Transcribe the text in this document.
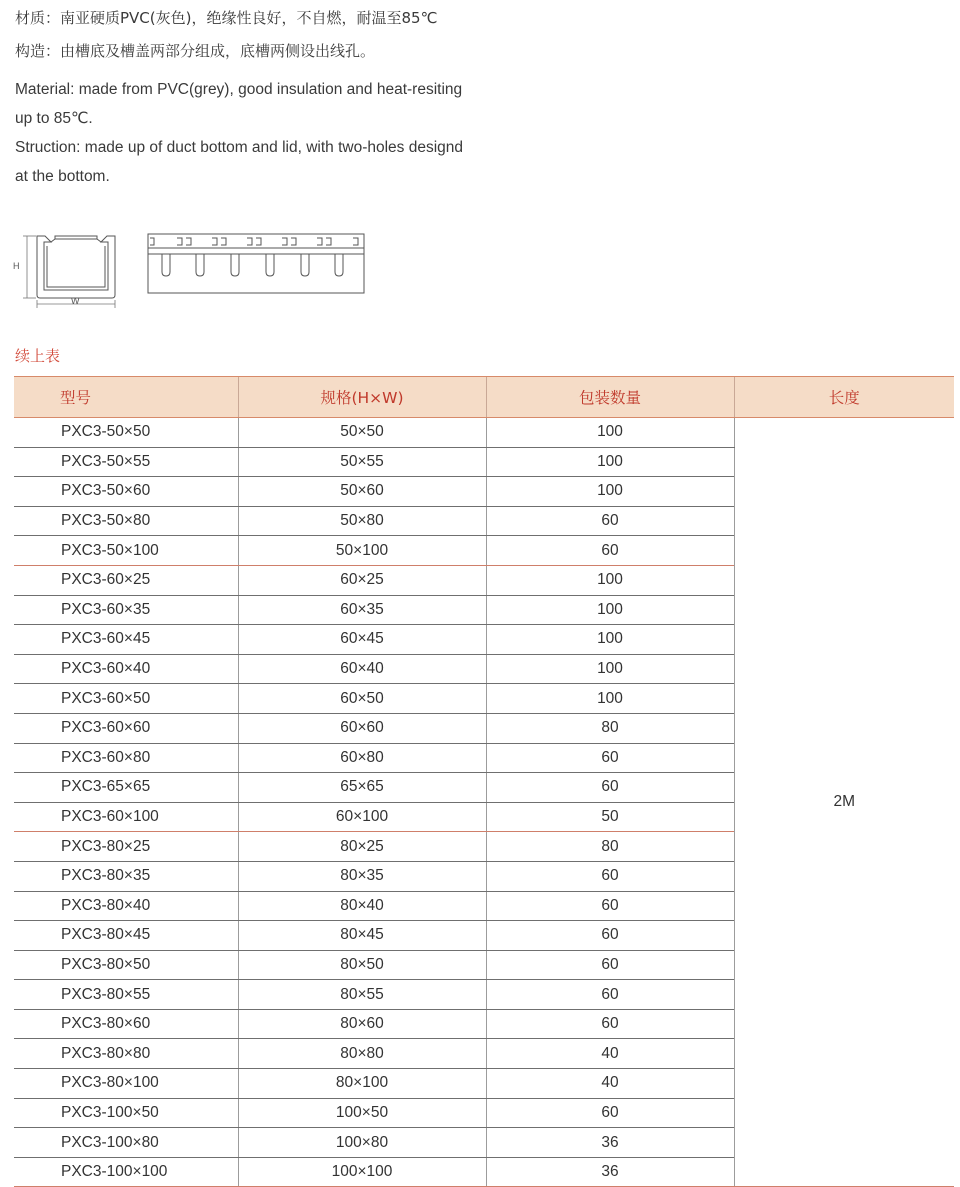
材质：南亚硬质PVC(灰色)，绝缘性良好，不自燃，耐温至85℃
构造：由槽底及槽盖两部分组成，底槽两侧设出线孔。
Material: made from PVC(grey), good insulation and heat-resiting
up to 85℃.
Struction: made up of duct bottom and lid, with two-holes designd
at the bottom.
H
W
续上表
型号	规格(H×W)	包装数量	长度
PXC3-50×50	50×50	100	2M
PXC3-50×55	50×55	100	
PXC3-50×60	50×60	100	
PXC3-50×80	50×80	60	
PXC3-50×100	50×100	60	
PXC3-60×25	60×25	100	
PXC3-60×35	60×35	100	
PXC3-60×45	60×45	100	
PXC3-60×40	60×40	100	
PXC3-60×50	60×50	100	
PXC3-60×60	60×60	80	
PXC3-60×80	60×80	60	
PXC3-65×65	65×65	60	
PXC3-60×100	60×100	50	
PXC3-80×25	80×25	80	
PXC3-80×35	80×35	60	
PXC3-80×40	80×40	60	
PXC3-80×45	80×45	60	
PXC3-80×50	80×50	60	
PXC3-80×55	80×55	60	
PXC3-80×60	80×60	60	
PXC3-80×80	80×80	40	
PXC3-80×100	80×100	40	
PXC3-100×50	100×50	60	
PXC3-100×80	100×80	36	
PXC3-100×100	100×100	36	
